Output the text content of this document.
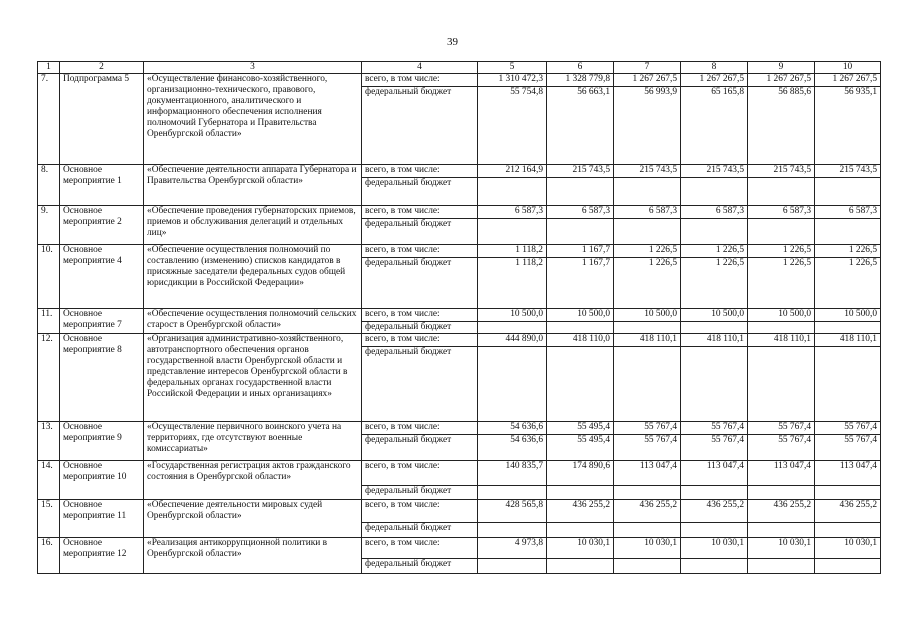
39
1	2	3	4	5	6	7	8	9	10
7.	Подпрограмма 5	«Осуществление финансово-хозяйственного, организационно-технического, правового, документационного, аналитического и информационного обеспечения исполнения полномочий Губернатора и Правительства Оренбургской области»	всего, в том числе:	1 310 472,3	1 328 779,8	1 267 267,5	1 267 267,5	1 267 267,5	1 267 267,5
			федеральный бюджет	55 754,8	56 663,1	56 993,9	65 165,8	56 885,6	56 935,1
8.	Основное мероприятие 1	«Обеспечение деятельности аппарата Губернатора и Правительства Оренбургской области»	всего, в том числе:	212 164,9	215 743,5	215 743,5	215 743,5	215 743,5	215 743,5
			федеральный бюджет						
9.	Основное мероприятие 2	«Обеспечение проведения губернаторских приемов, приемов и обслуживания делегаций и отдельных лиц»	всего, в том числе:	6 587,3	6 587,3	6 587,3	6 587,3	6 587,3	6 587,3
			федеральный бюджет						
10.	Основное мероприятие 4	«Обеспечение осуществления полномочий по составлению (изменению) списков кандидатов в присяжные заседатели федеральных судов общей юрисдикции в Российской Федерации»	всего, в том числе:	1 118,2	1 167,7	1 226,5	1 226,5	1 226,5	1 226,5
			федеральный бюджет	1 118,2	1 167,7	1 226,5	1 226,5	1 226,5	1 226,5
11.	Основное мероприятие 7	«Обеспечение осуществления полномочий сельских старост в Оренбургской области»	всего, в том числе:	10 500,0	10 500,0	10 500,0	10 500,0	10 500,0	10 500,0
			федеральный бюджет						
12.	Основное мероприятие 8	«Организация административно-хозяйственного, автотранспортного обеспечения органов государственной власти Оренбургской области и представление интересов Оренбургской области в федеральных органах государственной власти Российской Федерации и иных организациях»	всего, в том числе:	444 890,0	418 110,0	418 110,1	418 110,1	418 110,1	418 110,1
			федеральный бюджет						
13.	Основное мероприятие 9	«Осуществление первичного воинского учета на территориях, где отсутствуют военные комиссариаты»	всего, в том числе:	54 636,6	55 495,4	55 767,4	55 767,4	55 767,4	55 767,4
			федеральный бюджет	54 636,6	55 495,4	55 767,4	55 767,4	55 767,4	55 767,4
14.	Основное мероприятие 10	«Государственная регистрация актов гражданского состояния в Оренбургской области»	всего, в том числе:	140 835,7	174 890,6	113 047,4	113 047,4	113 047,4	113 047,4
			федеральный бюджет						
15.	Основное мероприятие 11	«Обеспечение деятельности мировых судей Оренбургской области»	всего, в том числе:	428 565,8	436 255,2	436 255,2	436 255,2	436 255,2	436 255,2
			федеральный бюджет						
16.	Основное мероприятие 12	«Реализация антикоррупционной политики в Оренбургской области»	всего, в том числе:	4 973,8	10 030,1	10 030,1	10 030,1	10 030,1	10 030,1
			федеральный бюджет						
